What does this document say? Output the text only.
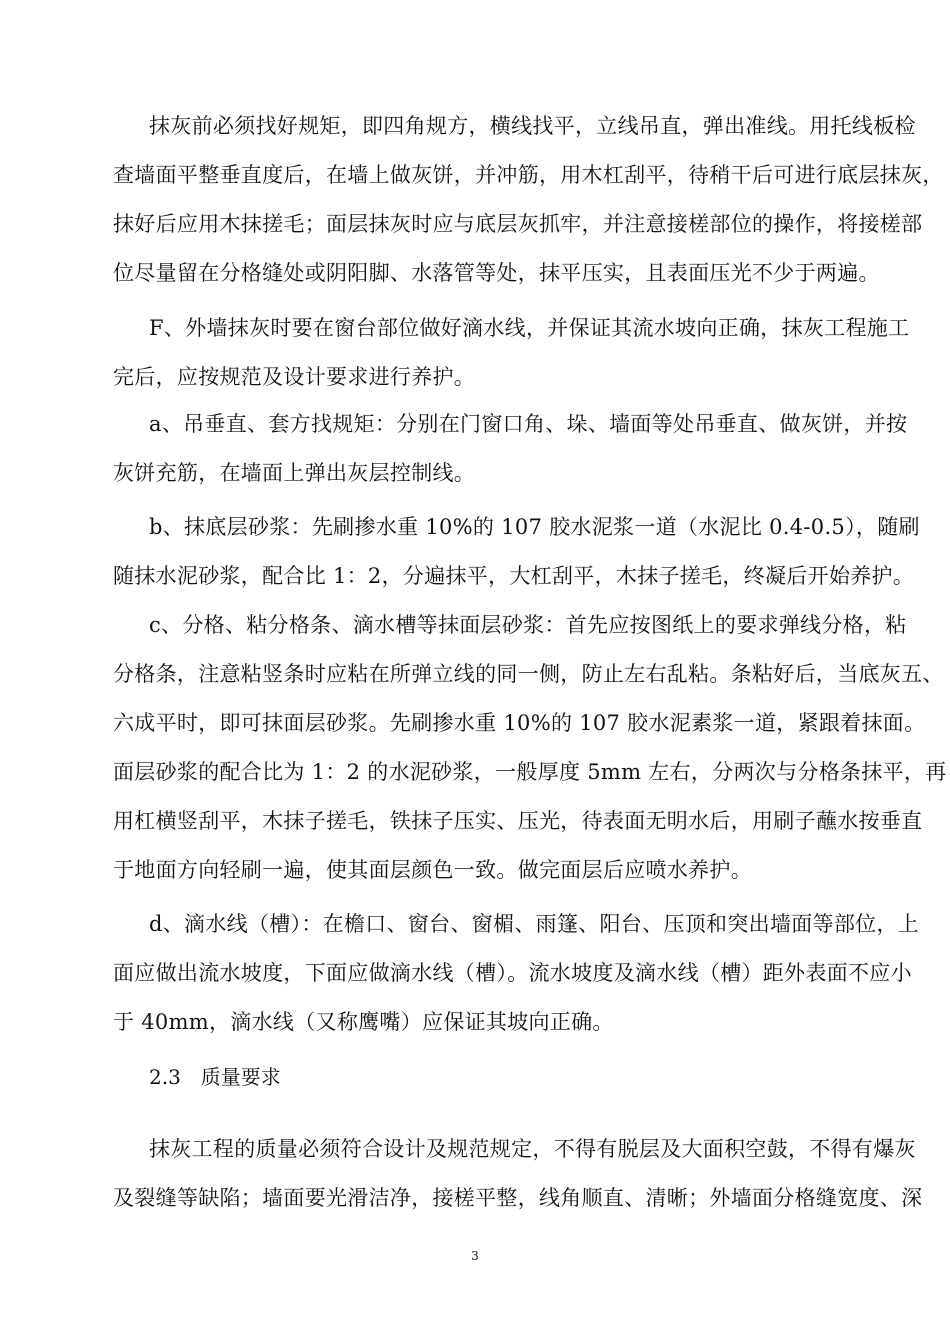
抹灰前必须找好规矩，即四角规方，横线找平，立线吊直，弹出准线。用托线板检
查墙面平整垂直度后，在墙上做灰饼，并冲筋，用木杠刮平，待稍干后可进行底层抹灰，
抹好后应用木抹搓毛；面层抹灰时应与底层灰抓牢，并注意接槎部位的操作，将接槎部
位尽量留在分格缝处或阴阳脚、水落管等处，抹平压实，且表面压光不少于两遍。
F、外墙抹灰时要在窗台部位做好滴水线，并保证其流水坡向正确，抹灰工程施工
完后，应按规范及设计要求进行养护。
a、吊垂直、套方找规矩：分别在门窗口角、垛、墙面等处吊垂直、做灰饼，并按
灰饼充筋，在墙面上弹出灰层控制线。
b、抹底层砂浆：先刷掺水重 10%的 107 胶水泥浆一道（水泥比 0.4-0.5），随刷
随抹水泥砂浆，配合比 1：2，分遍抹平，大杠刮平，木抹子搓毛，终凝后开始养护。
c、分格、粘分格条、滴水槽等抹面层砂浆：首先应按图纸上的要求弹线分格，粘
分格条，注意粘竖条时应粘在所弹立线的同一侧，防止左右乱粘。条粘好后，当底灰五、
六成平时，即可抹面层砂浆。先刷掺水重 10%的 107 胶水泥素浆一道，紧跟着抹面。
面层砂浆的配合比为 1：2 的水泥砂浆，一般厚度 5mm 左右，分两次与分格条抹平，再
用杠横竖刮平，木抹子搓毛，铁抹子压实、压光，待表面无明水后，用刷子蘸水按垂直
于地面方向轻刷一遍，使其面层颜色一致。做完面层后应喷水养护。
d、滴水线（槽）：在檐口、窗台、窗楣、雨篷、阳台、压顶和突出墙面等部位，上
面应做出流水坡度，下面应做滴水线（槽）。流水坡度及滴水线（槽）距外表面不应小
于 40mm，滴水线（又称鹰嘴）应保证其坡向正确。
2.3　质量要求
抹灰工程的质量必须符合设计及规范规定，不得有脱层及大面积空鼓，不得有爆灰
及裂缝等缺陷；墙面要光滑洁净，接槎平整，线角顺直、清晰；外墙面分格缝宽度、深
3
